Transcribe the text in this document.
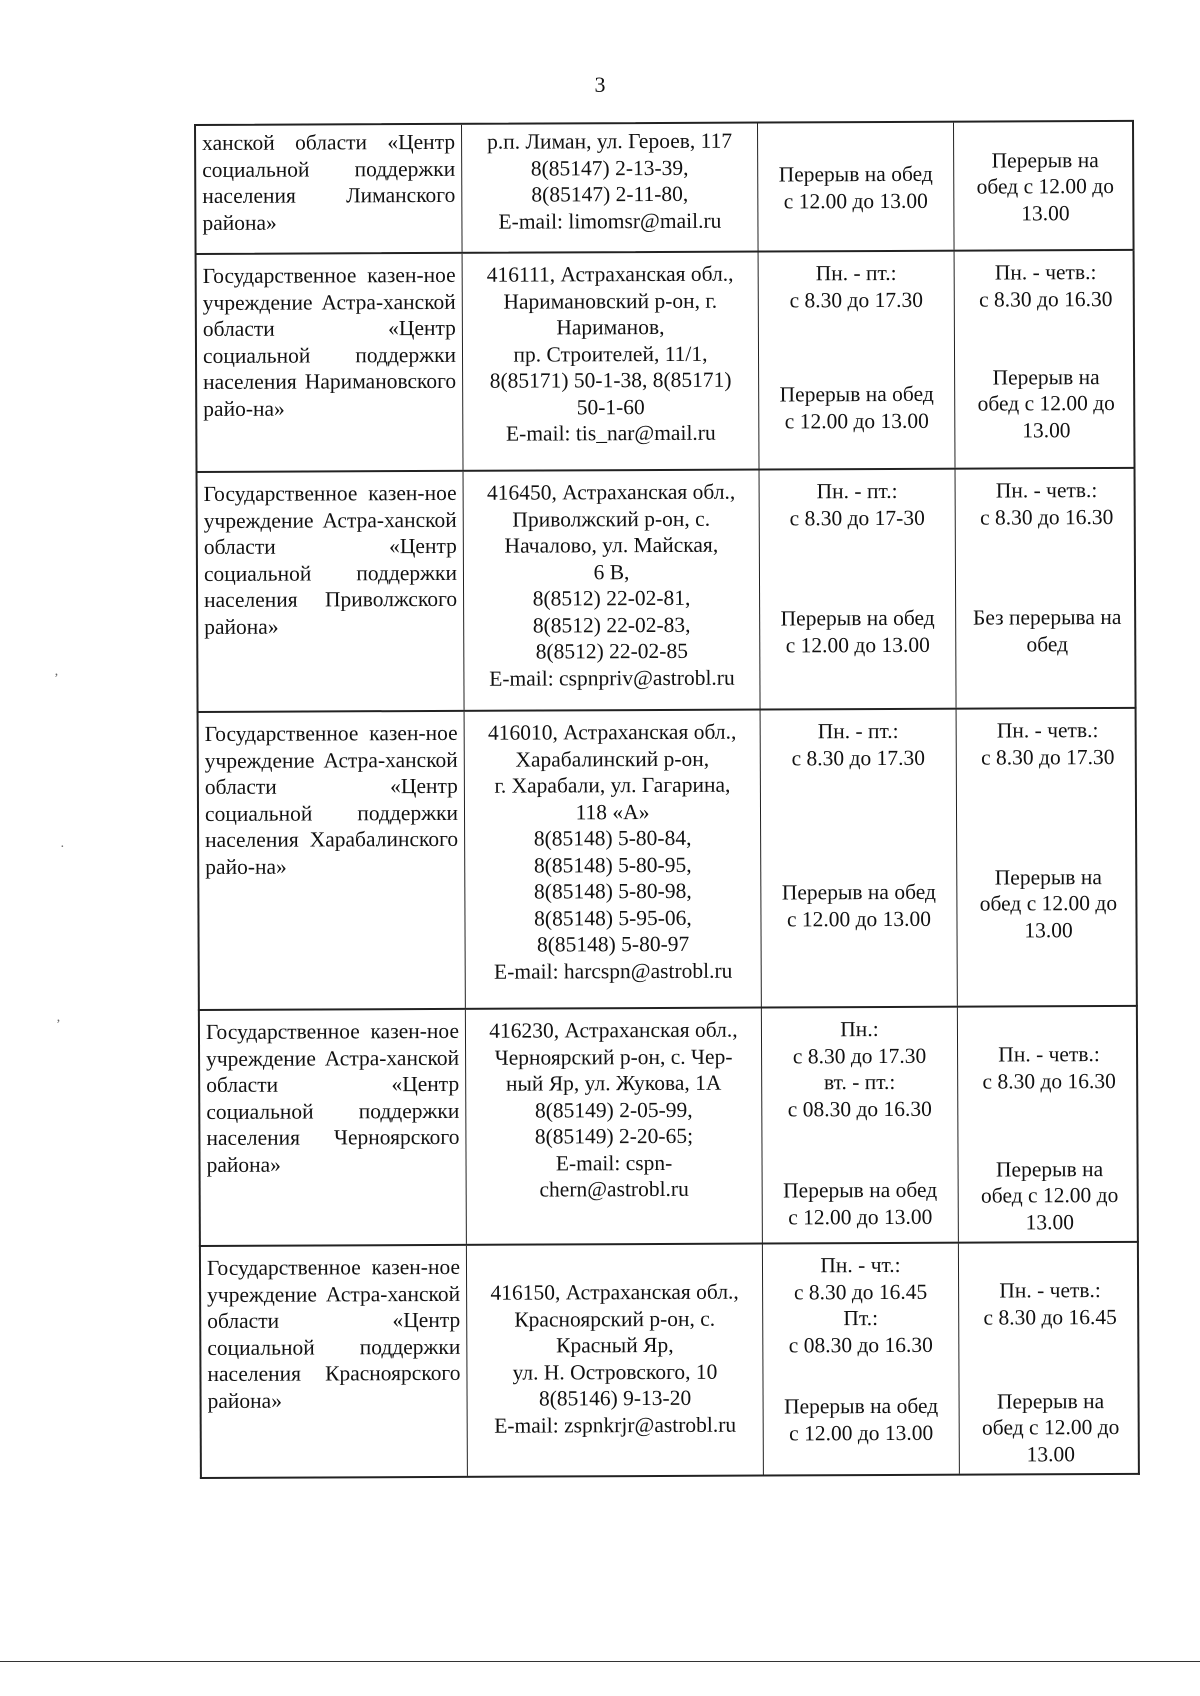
3
ханской области «Центр социальной поддержки населения Лиманского района»
р.п. Лиман, ул. Героев, 117
8(85147) 2-13-39,
8(85147) 2-11-80,
E-mail: limomsr@mail.ru
Перерыв на обед
с 12.00 до 13.00
Перерыв на
обед с 12.00 до
13.00
Государственное казен-ное учреждение Астра-ханской области «Центр социальной поддержки населения Наримановского райо-на»
416111, Астраханская обл.,
Наримановский р-он, г.
Нариманов,
пр. Строителей, 11/1,
8(85171) 50-1-38, 8(85171)
50-1-60
E-mail: tis_nar@mail.ru
Пн. - пт.:
с 8.30 до 17.30
Перерыв на обед
с 12.00 до 13.00
Пн. - четв.:
с 8.30 до 16.30
Перерыв на
обед с 12.00 до
13.00
Государственное казен-ное учреждение Астра-ханской области «Центр социальной поддержки населения Приволжского района»
416450, Астраханская обл.,
Приволжский р-он, с.
Началово, ул. Майская,
6 В,
8(8512) 22-02-81,
8(8512) 22-02-83,
8(8512) 22-02-85
E-mail: cspnpriv@astrobl.ru
Пн. - пт.:
с 8.30 до 17-30
Перерыв на обед
с 12.00 до 13.00
Пн. - четв.:
с 8.30 до 16.30
Без перерыва на
обед
Государственное казен-ное учреждение Астра-ханской области «Центр социальной поддержки населения Харабалинского райо-на»
416010, Астраханская обл.,
Харабалинский р-он,
г. Харабали, ул. Гагарина,
118 «А»
8(85148) 5-80-84,
8(85148) 5-80-95,
8(85148) 5-80-98,
8(85148) 5-95-06,
8(85148) 5-80-97
E-mail: harcspn@astrobl.ru
Пн. - пт.:
с 8.30 до 17.30
Перерыв на обед
с 12.00 до 13.00
Пн. - четв.:
с 8.30 до 17.30
Перерыв на
обед с 12.00 до
13.00
Государственное казен-ное учреждение Астра-ханской области «Центр социальной поддержки населения Черноярского района»
416230, Астраханская обл.,
Черноярский р-он, с. Чер-
ный Яр, ул. Жукова, 1А
8(85149) 2-05-99,
8(85149) 2-20-65;
E-mail: cspn-
chern@astrobl.ru
Пн.:
с 8.30 до 17.30
вт. - пт.:
с 08.30 до 16.30
Перерыв на обед
с 12.00 до 13.00
Пн. - четв.:
с 8.30 до 16.30
Перерыв на
обед с 12.00 до
13.00
Государственное казен-ное учреждение Астра-ханской области «Центр социальной поддержки населения Красноярского района»
416150, Астраханская обл.,
Красноярский р-он, с.
Красный Яр,
ул. Н. Островского, 10
8(85146) 9-13-20
E-mail: zspnkrjr@astrobl.ru
Пн. - чт.:
с 8.30 до 16.45
Пт.:
с 08.30 до 16.30
Перерыв на обед
с 12.00 до 13.00
Пн. - четв.:
с 8.30 до 16.45
Перерыв на
обед с 12.00 до
13.00
‚
·
‚
